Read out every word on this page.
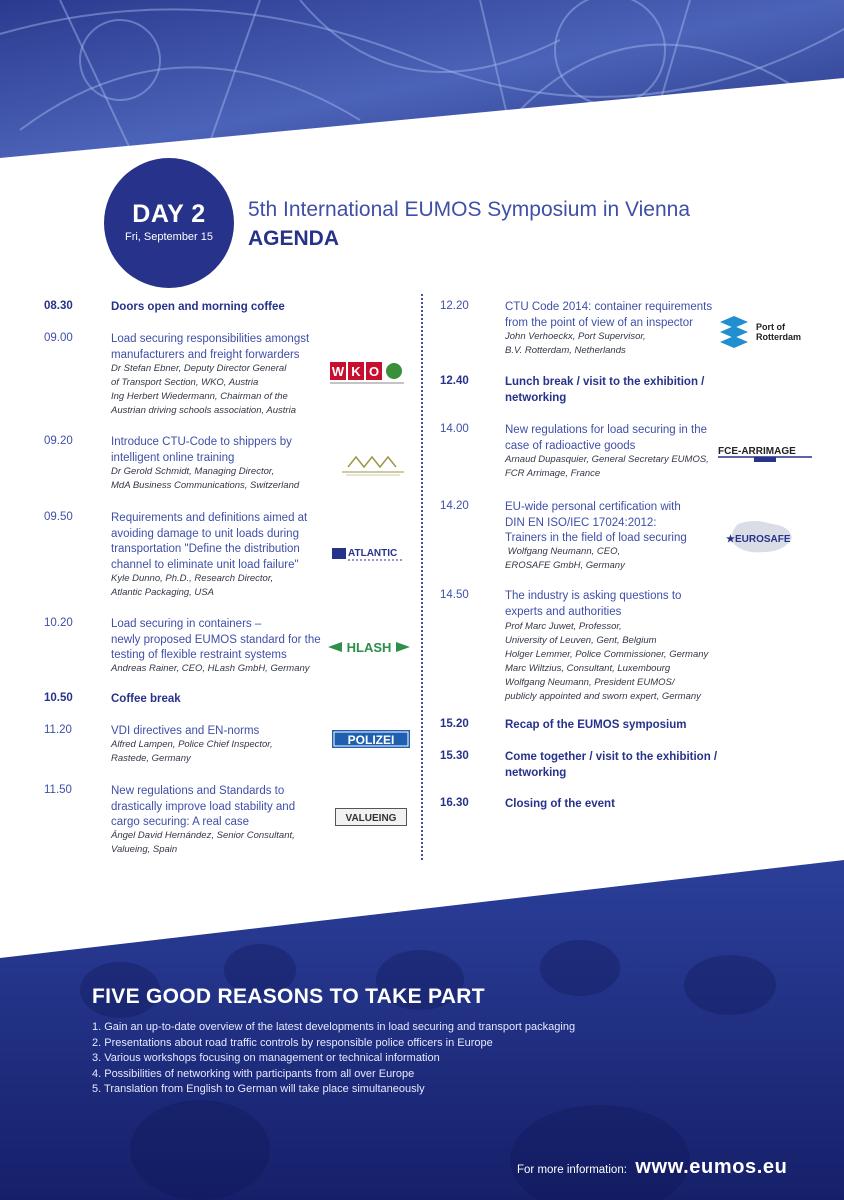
DAY 2
Fri, September 15
5th International EUMOS Symposium in Vienna
AGENDA
08.30	Doors open and morning coffee
09.00	Load securing responsibilities amongst
manufacturers and freight forwarders
Dr Stefan Ebner, Deputy Director General
of Transport Section, WKO, Austria
Ing Herbert Wiedermann, Chairman of the
Austrian driving schools association, Austria
09.20	Introduce CTU-Code to shippers by
intelligent online training
Dr Gerold Schmidt, Managing Director,
MdA Business Communications, Switzerland
09.50	Requirements and definitions aimed at
avoiding damage to unit loads during
transportation "Define the distribution
channel to eliminate unit load failure"
Kyle Dunno, Ph.D., Research Director,
Atlantic Packaging, USA
10.20	Load securing in containers –
newly proposed EUMOS standard for the
testing of flexible restraint systems
Andreas Rainer, CEO, HLash GmbH, Germany
10.50	Coffee break
11.20	VDI directives and EN-norms
Alfred Lampen, Police Chief Inspector,
Rastede, Germany
11.50	New regulations and Standards to
drastically improve load stability and
cargo securing: A real case
Ángel David Hernández, Senior Consultant,
Valueing, Spain
12.20	CTU Code 2014: container requirements
from the point of view of an inspector
John Verhoeckx, Port Supervisor,
B.V. Rotterdam, Netherlands
12.40	Lunch break / visit to the exhibition /
networking
14.00	New regulations for load securing in the
case of radioactive goods
Arnaud Dupasquier, General Secretary EUMOS,
FCR Arrimage, France
14.20	EU-wide personal certification with
DIN EN ISO/IEC 17024:2012:
Trainers in the field of load securing
Wolfgang Neumann, CEO,
EROSAFE GmbH, Germany
14.50	The industry is asking questions to
experts and authorities
Prof Marc Juwet, Professor,
University of Leuven, Gent, Belgium
Holger Lemmer, Police Commissioner, Germany
Marc Wiltzius, Consultant, Luxembourg
Wolfgang Neumann, President EUMOS/
publicly appointed and sworn expert, Germany
15.20	Recap of the EUMOS symposium
15.30	Come together / visit to the exhibition /
networking
16.30	Closing of the event
W K O
ATLANTIC
HLASH
POLIZEI
VALUEING
Port of
Rotterdam
FCE-ARRIMAGE
★EUROSAFE
FIVE GOOD REASONS TO TAKE PART
1. Gain an up-to-date overview of the latest developments in load securing and transport packaging
2. Presentations about road traffic controls by responsible police officers in Europe
3. Various workshops focusing on management or technical information
4. Possibilities of networking with participants from all over Europe
5. Translation from English to German will take place simultaneously
For more information: www.eumos.eu
